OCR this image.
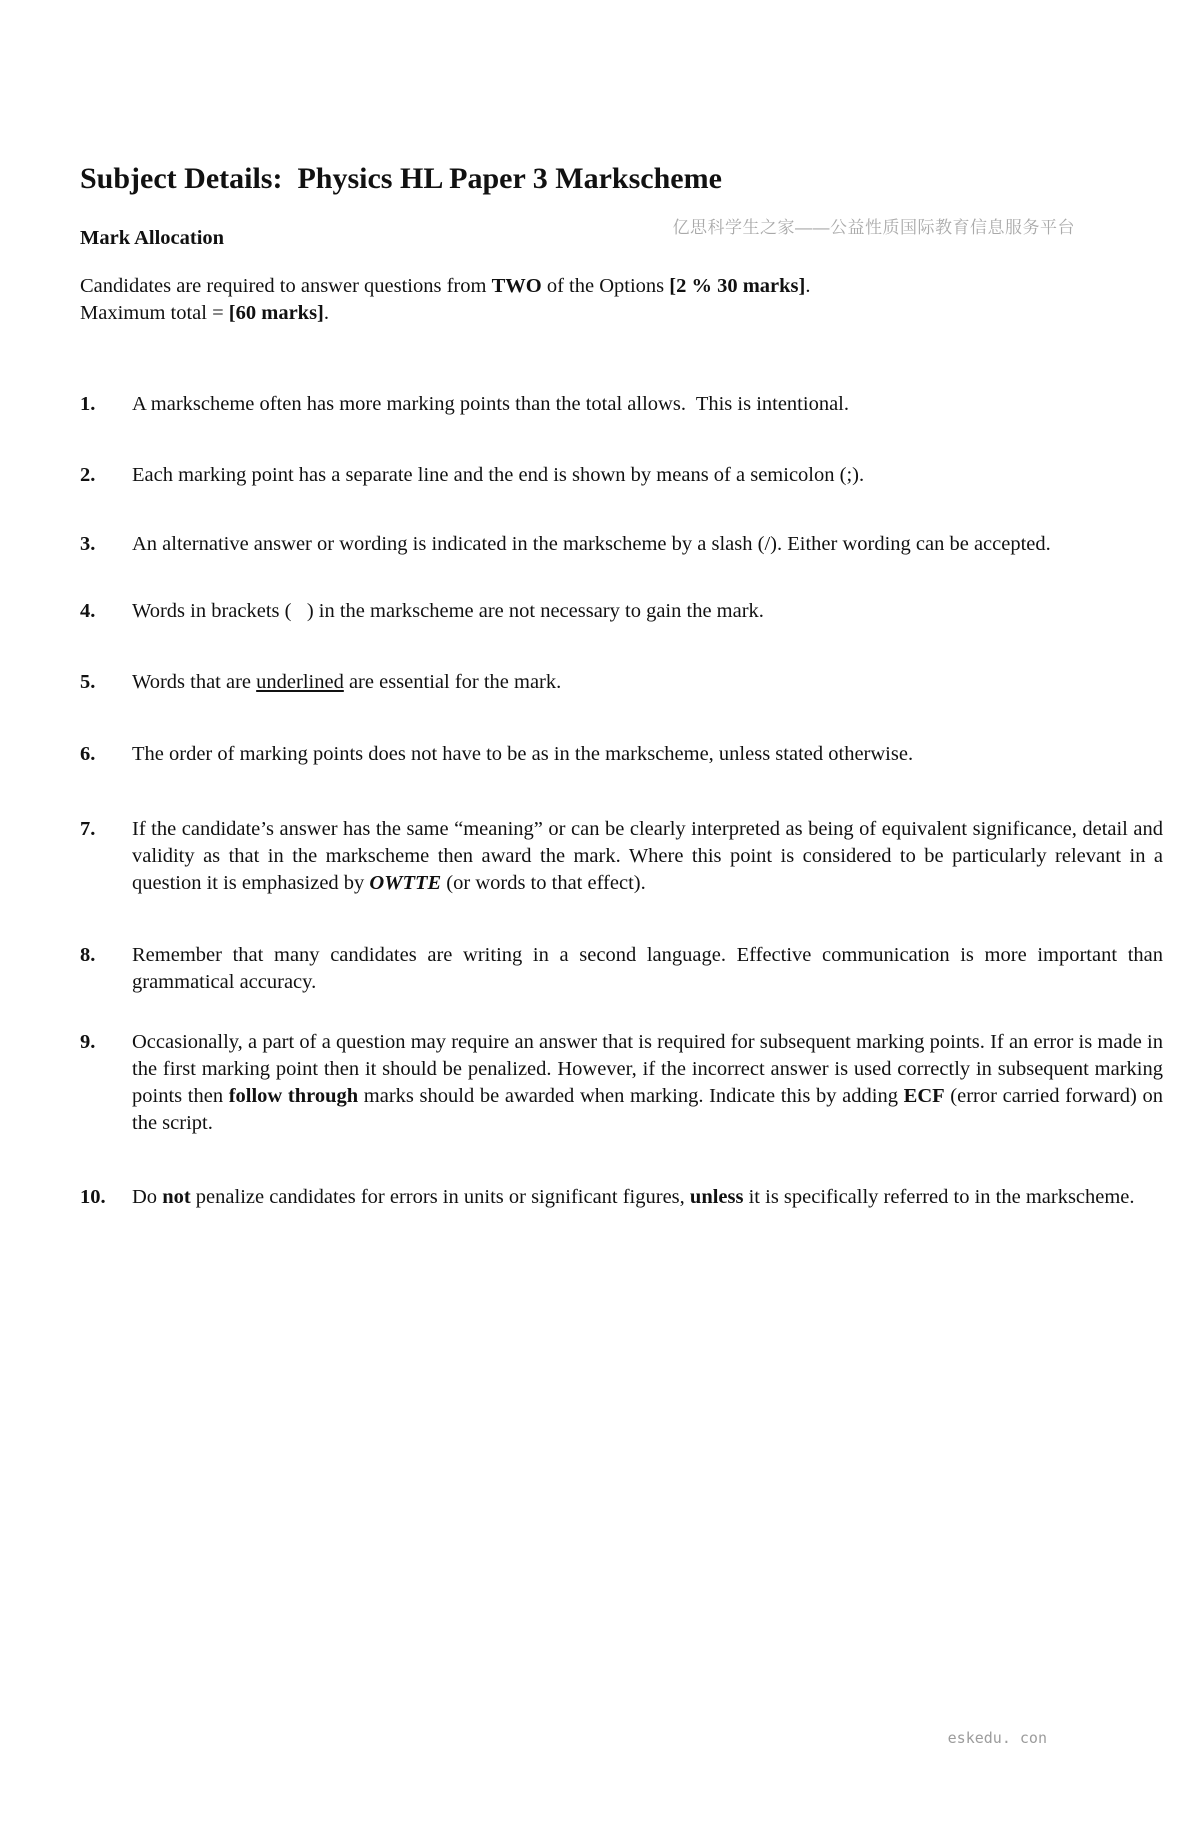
亿思科学生之家——公益性质国际教育信息服务平台
Subject Details:  Physics HL Paper 3 Markscheme
Mark Allocation

Candidates are required to answer questions from TWO of the Options [2 % 30 marks].
Maximum total = [60 marks].

1.	A markscheme often has more marking points than the total allows.  This is intentional.

2.	Each marking point has a separate line and the end is shown by means of a semicolon (;).

3.	An alternative answer or wording is indicated in the markscheme by a slash (/). Either wording can be accepted.

4.	Words in brackets (   ) in the markscheme are not necessary to gain the mark.

5.	Words that are underlined are essential for the mark.

6.	The order of marking points does not have to be as in the markscheme, unless stated otherwise.

7.	If the candidate’s answer has the same “meaning” or can be clearly interpreted as being of equivalent significance, detail and validity as that in the markscheme then award the mark. Where this point is considered to be particularly relevant in a question it is emphasized by OWTTE (or words to that effect).

8.	Remember that many candidates are writing in a second language. Effective communication is more important than grammatical accuracy.

9.	Occasionally, a part of a question may require an answer that is required for subsequent marking points. If an error is made in the first marking point then it should be penalized. However, if the incorrect answer is used correctly in subsequent marking points then follow through marks should be awarded when marking. Indicate this by adding ECF (error carried forward) on the script.

10.	Do not penalize candidates for errors in units or significant figures, unless it is specifically referred to in the markscheme.

eskedu. con
